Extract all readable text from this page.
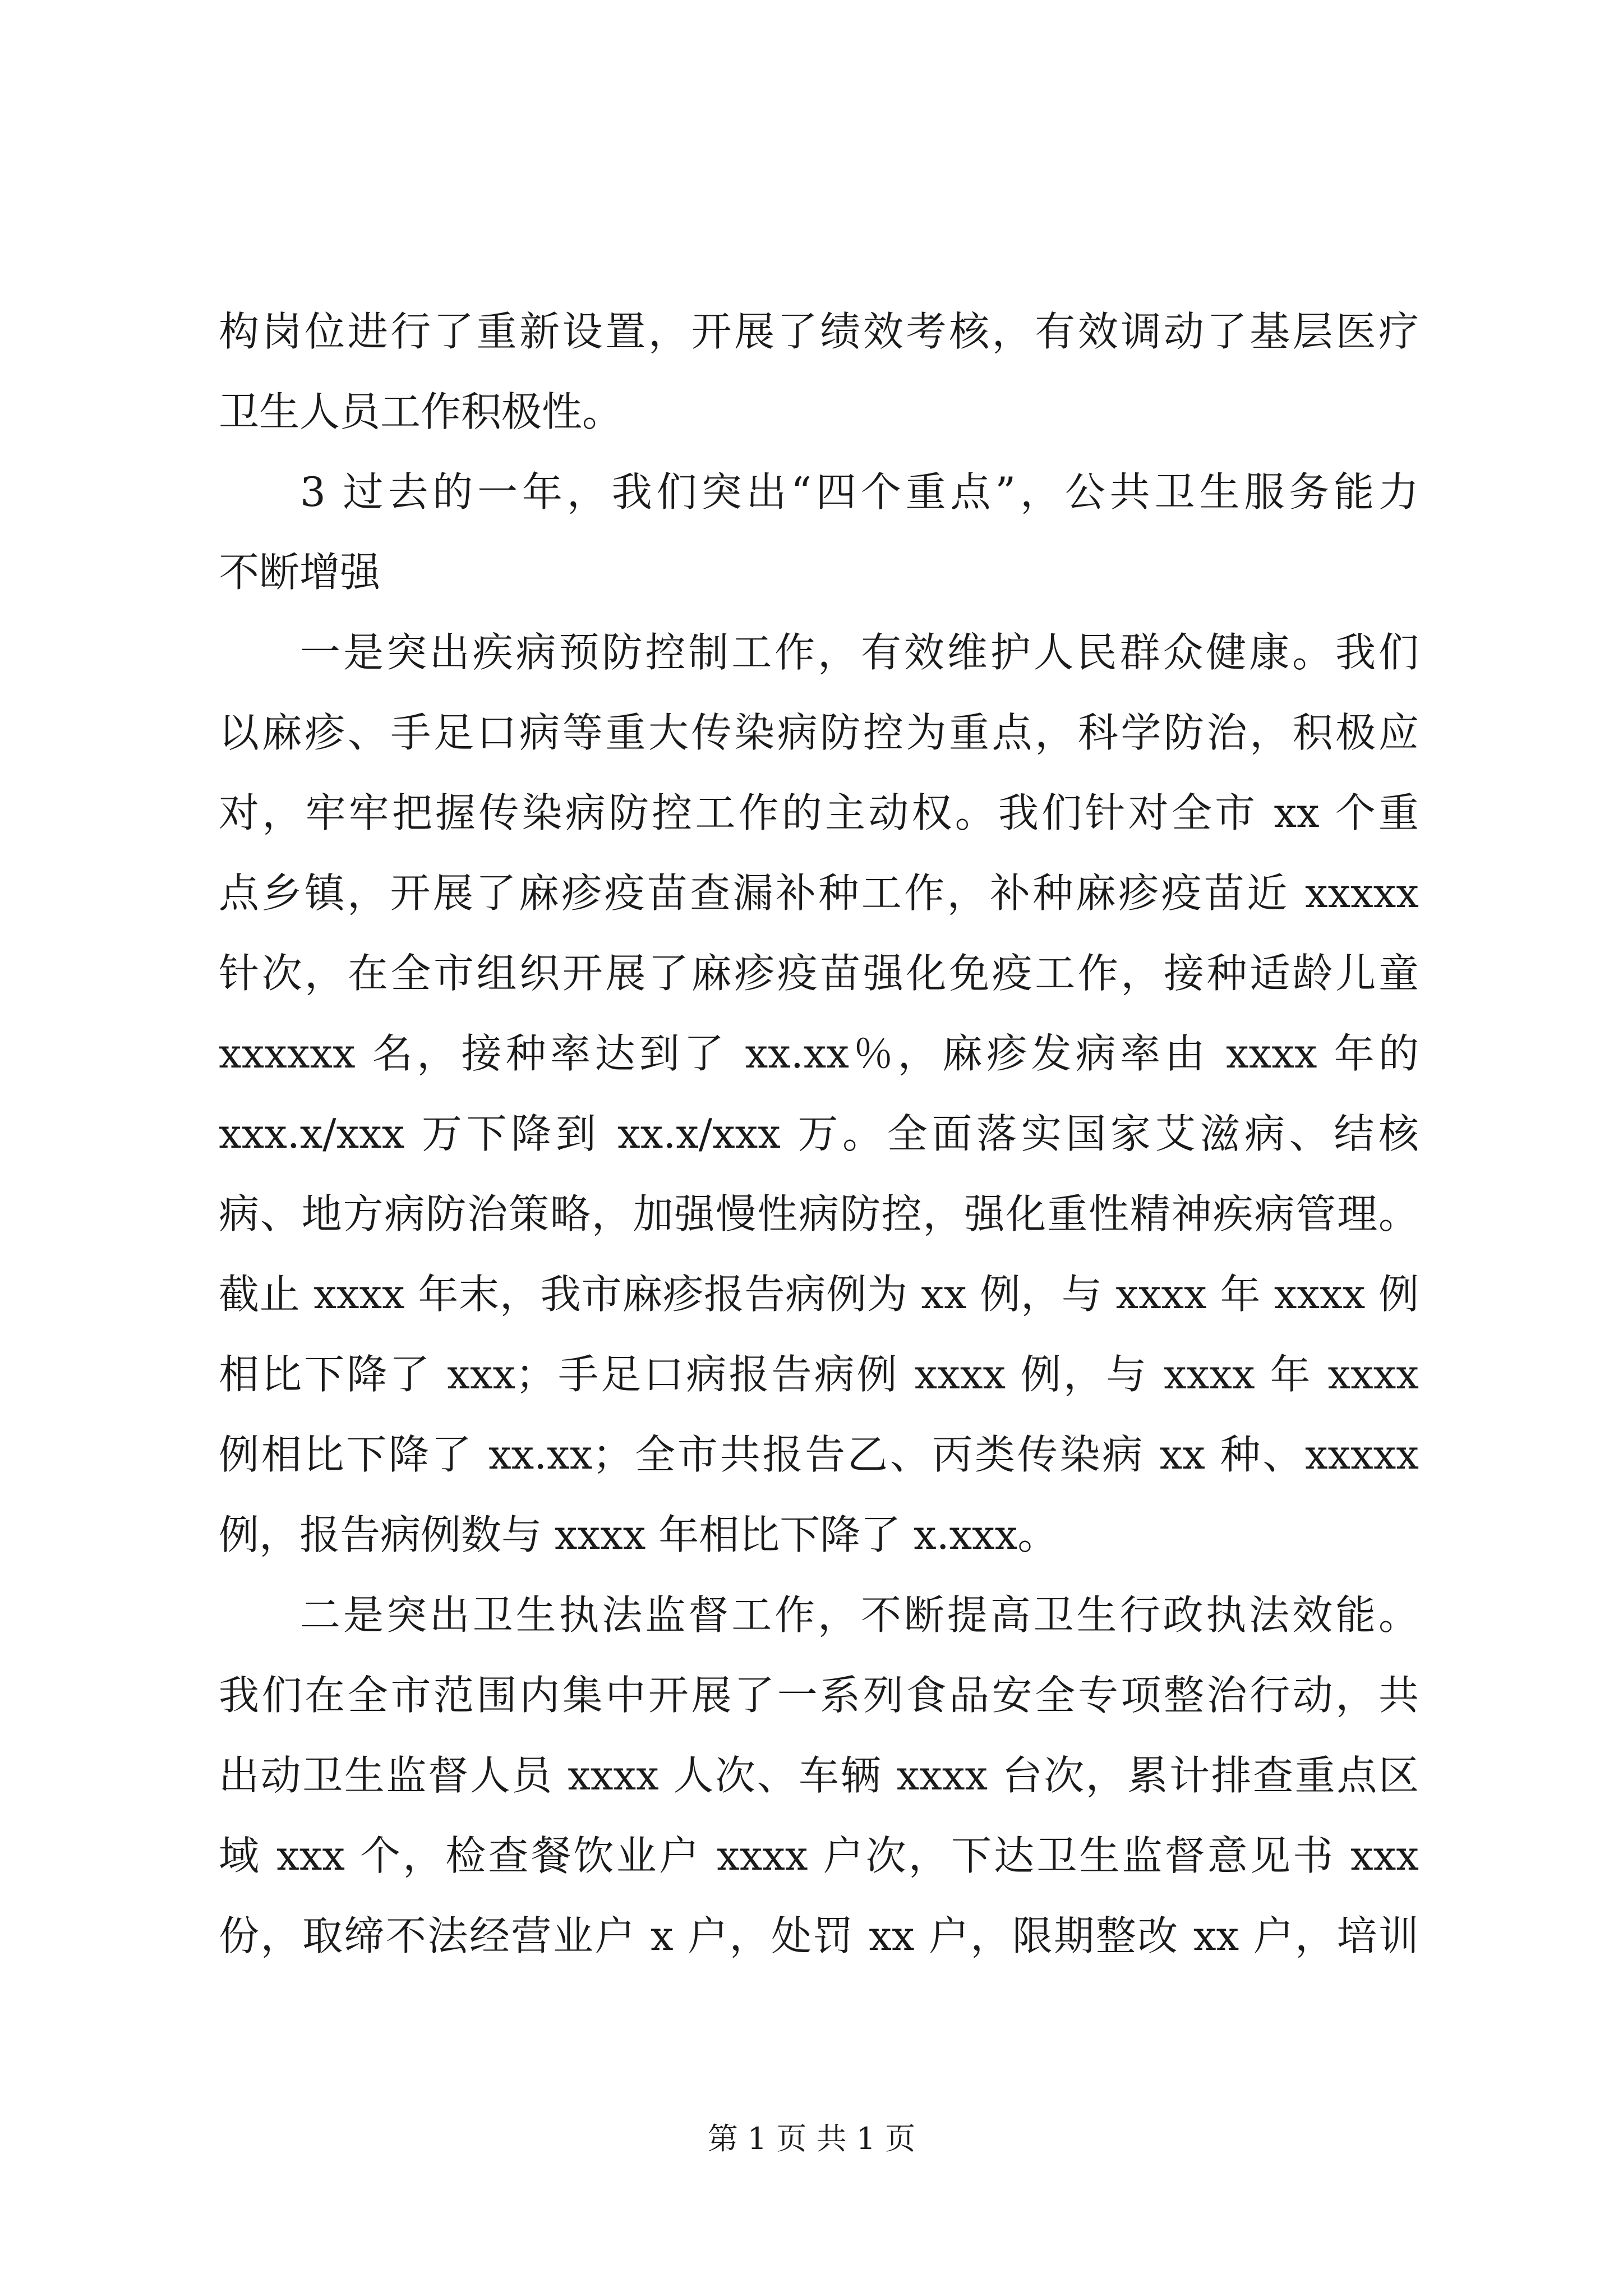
构岗位进行了重新设置，开展了绩效考核，有效调动了基层医疗
卫生人员工作积极性。
3 过去的一年，我们突出“四个重点”，公共卫生服务能力
不断增强
一是突出疾病预防控制工作，有效维护人民群众健康。我们
以麻疹、手足口病等重大传染病防控为重点，科学防治，积极应
对，牢牢把握传染病防控工作的主动权。我们针对全市 xx 个重
点乡镇，开展了麻疹疫苗查漏补种工作，补种麻疹疫苗近 xxxxx
针次，在全市组织开展了麻疹疫苗强化免疫工作，接种适龄儿童
xxxxxx 名，接种率达到了 xx.xx％，麻疹发病率由 xxxx 年的
xxx.x/xxx 万下降到 xx.x/xxx 万。全面落实国家艾滋病、结核
病、地方病防治策略，加强慢性病防控，强化重性精神疾病管理。
截止 xxxx 年末，我市麻疹报告病例为 xx 例，与 xxxx 年 xxxx 例
相比下降了 xxx；手足口病报告病例 xxxx 例，与 xxxx 年 xxxx
例相比下降了 xx.xx；全市共报告乙、丙类传染病 xx 种、xxxxx
例，报告病例数与 xxxx 年相比下降了 x.xxx。
二是突出卫生执法监督工作，不断提高卫生行政执法效能。
我们在全市范围内集中开展了一系列食品安全专项整治行动，共
出动卫生监督人员 xxxx 人次、车辆 xxxx 台次，累计排查重点区
域 xxx 个，检查餐饮业户 xxxx 户次，下达卫生监督意见书 xxx
份，取缔不法经营业户 x 户，处罚 xx 户，限期整改 xx 户，培训
第 1 页 共 1 页
